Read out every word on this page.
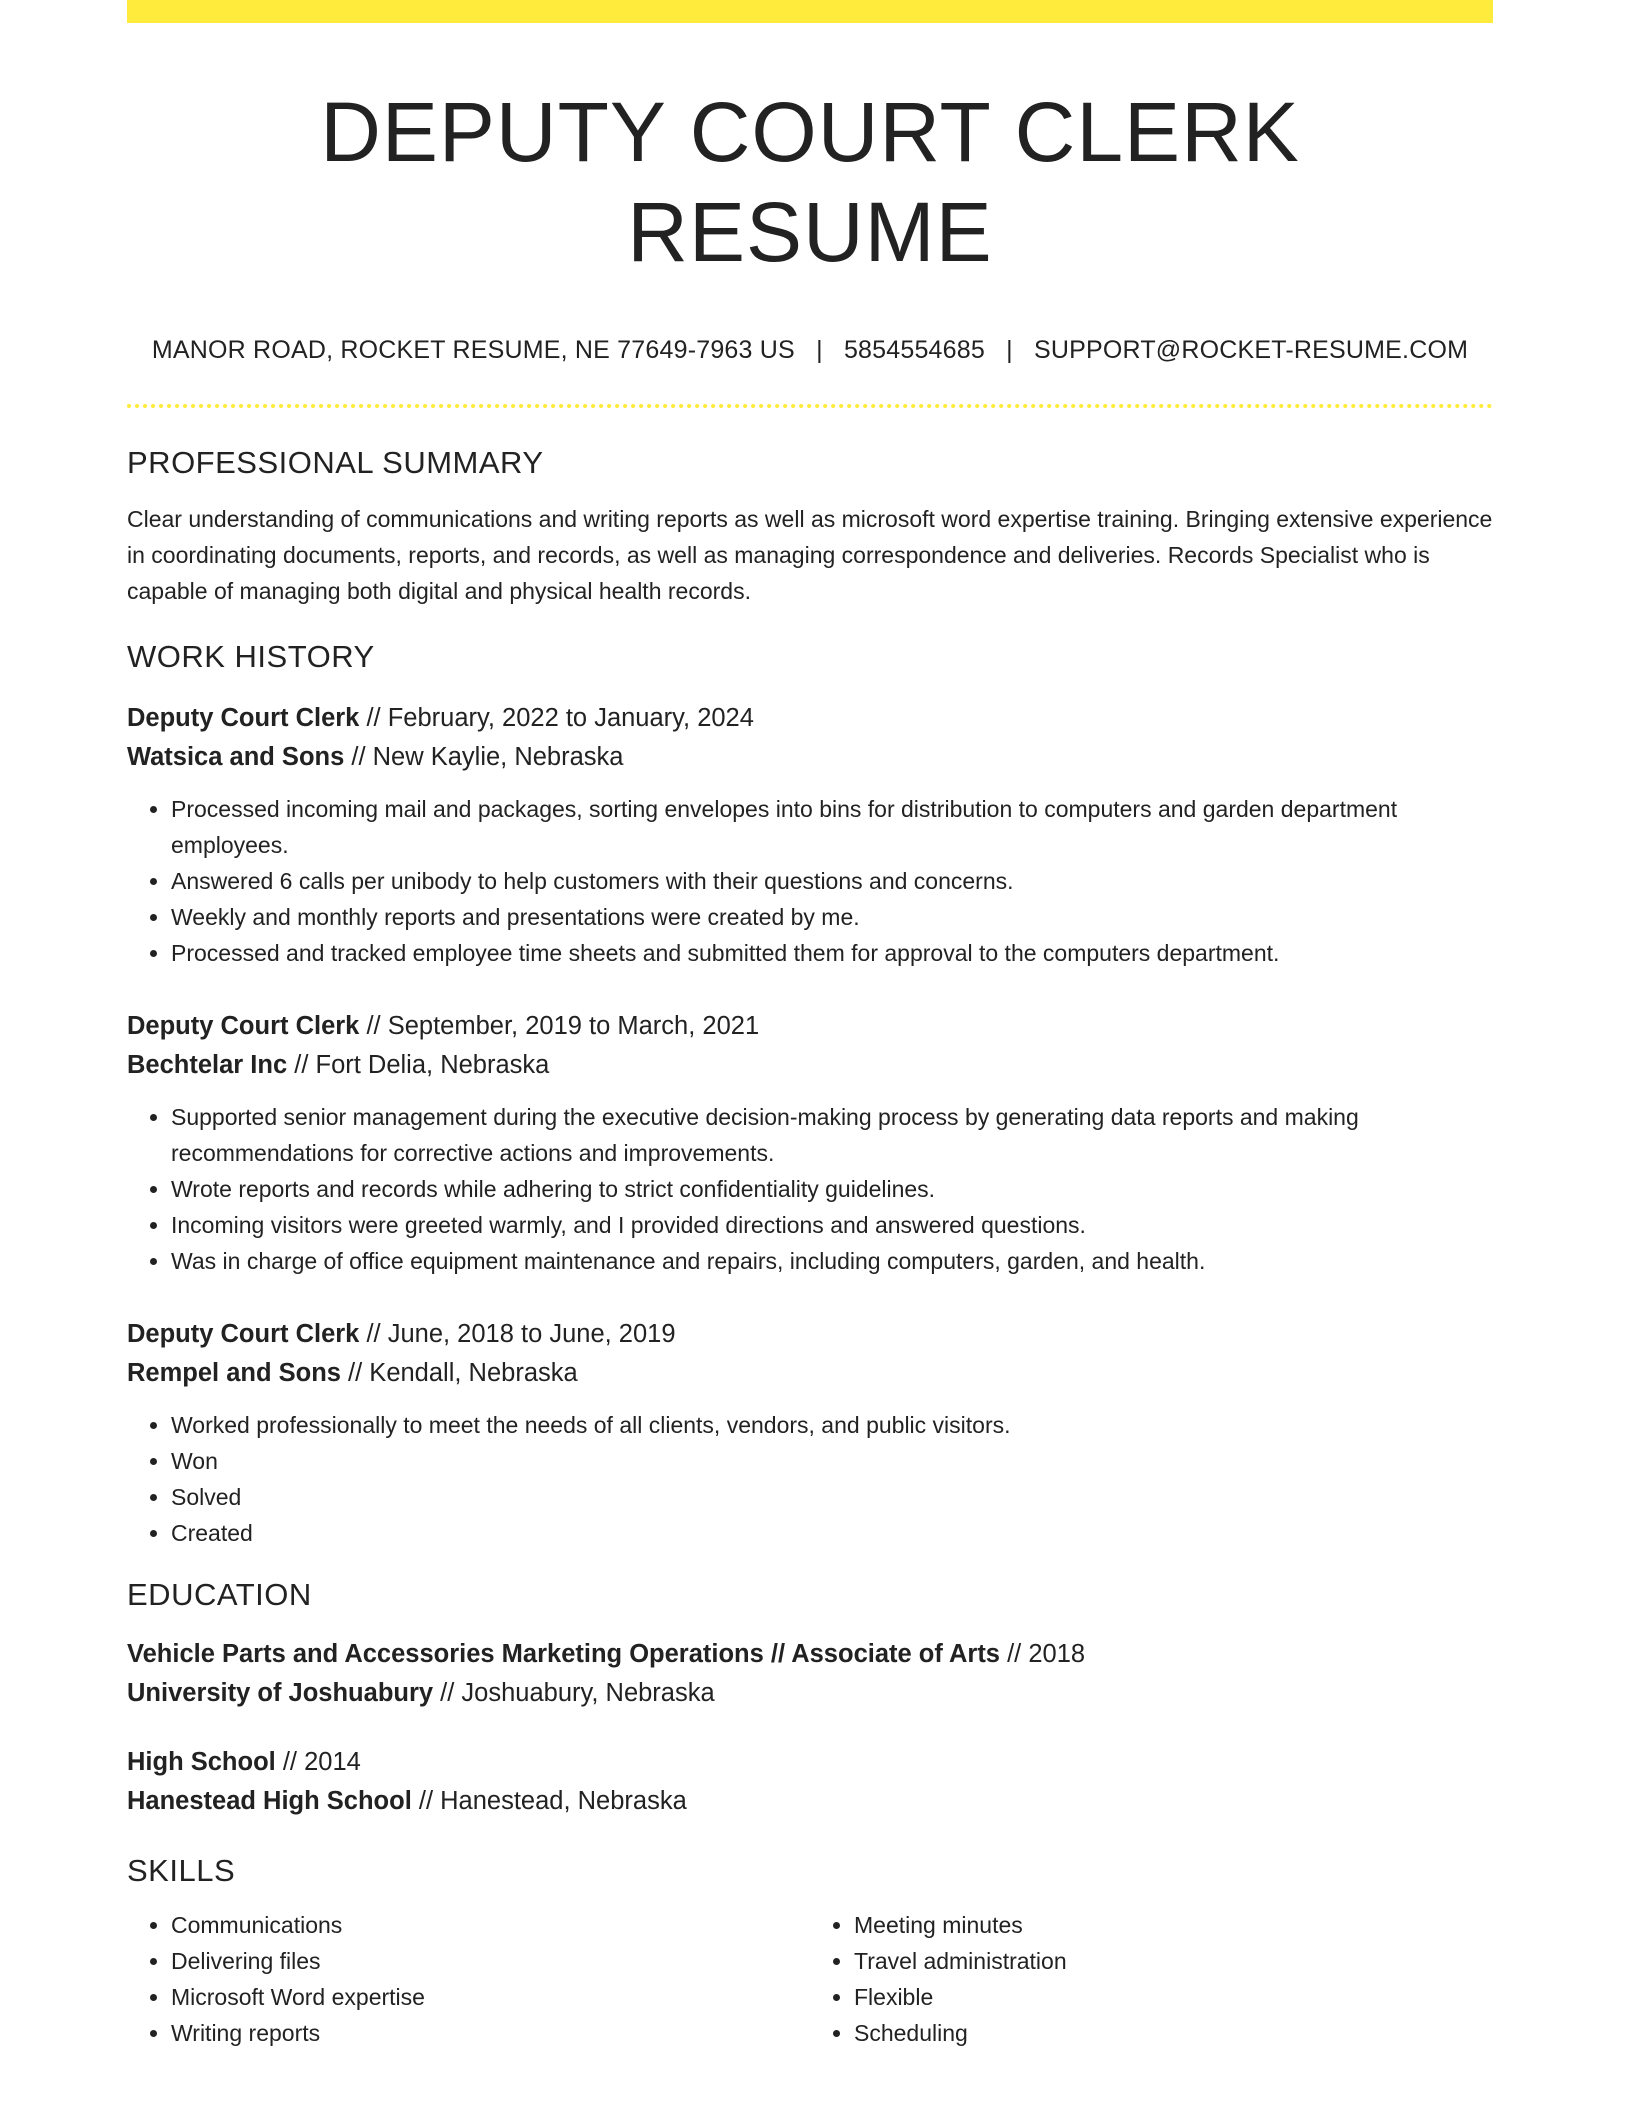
DEPUTY COURT CLERK RESUME
MANOR ROAD, ROCKET RESUME, NE 77649-7963 US | 5854554685 | SUPPORT@ROCKET-RESUME.COM
PROFESSIONAL SUMMARY

Clear understanding of communications and writing reports as well as microsoft word expertise training. Bringing extensive experience in coordinating documents, reports, and records, as well as managing correspondence and deliveries. Records Specialist who is capable of managing both digital and physical health records.

WORK HISTORY
Deputy Court Clerk // February, 2022 to January, 2024
Watsica and Sons // New Kaylie, Nebraska
• Processed incoming mail and packages, sorting envelopes into bins for distribution to computers and garden department employees.
• Answered 6 calls per unibody to help customers with their questions and concerns.
• Weekly and monthly reports and presentations were created by me.
• Processed and tracked employee time sheets and submitted them for approval to the computers department.
Deputy Court Clerk // September, 2019 to March, 2021
Bechtelar Inc // Fort Delia, Nebraska
• Supported senior management during the executive decision-making process by generating data reports and making recommendations for corrective actions and improvements.
• Wrote reports and records while adhering to strict confidentiality guidelines.
• Incoming visitors were greeted warmly, and I provided directions and answered questions.
• Was in charge of office equipment maintenance and repairs, including computers, garden, and health.
Deputy Court Clerk // June, 2018 to June, 2019
Rempel and Sons // Kendall, Nebraska
• Worked professionally to meet the needs of all clients, vendors, and public visitors.
• Won
• Solved
• Created
EDUCATION
Vehicle Parts and Accessories Marketing Operations // Associate of Arts // 2018
University of Joshuabury // Joshuabury, Nebraska
High School // 2014
Hanestead High School // Hanestead, Nebraska
SKILLS
• Communications
• Delivering files
• Microsoft Word expertise
• Writing reports
• Meeting minutes
• Travel administration
• Flexible
• Scheduling
